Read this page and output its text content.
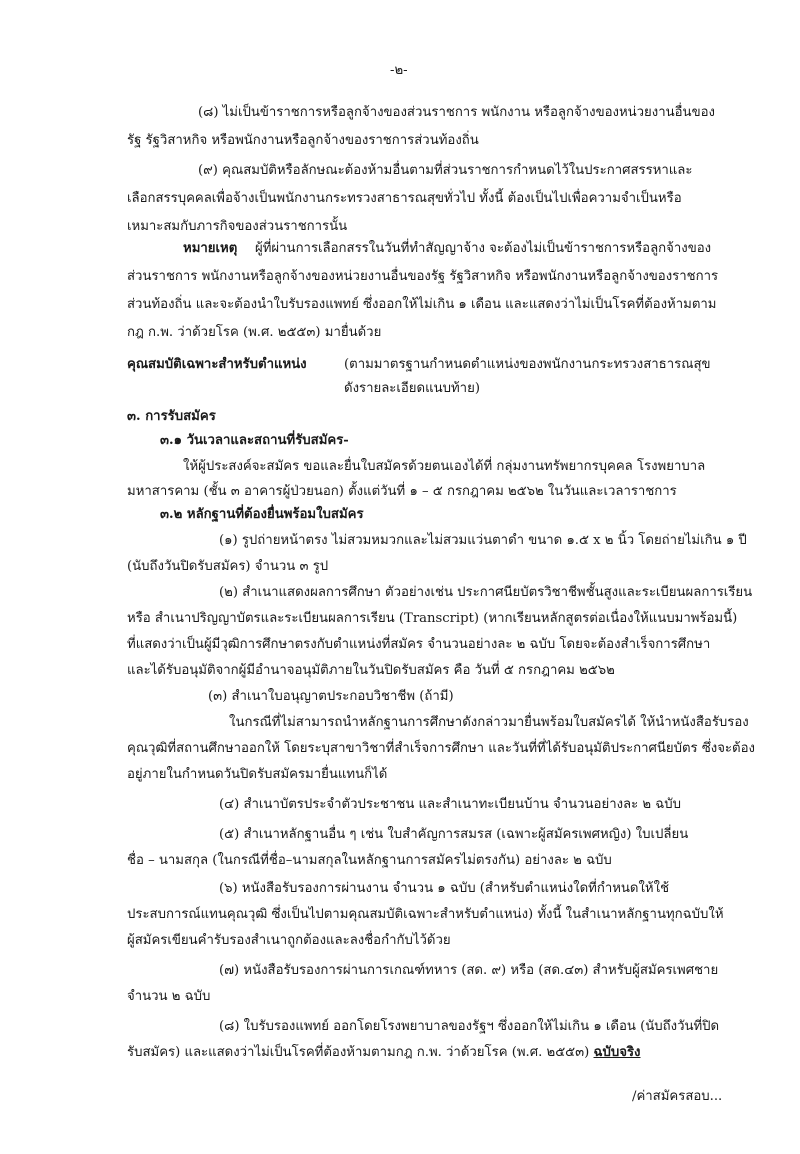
-๒-
(๘) ไม่เป็นข้าราชการหรือลูกจ้างของส่วนราชการ พนักงาน หรือลูกจ้างของหน่วยงานอื่นของ
รัฐ รัฐวิสาหกิจ หรือพนักงานหรือลูกจ้างของราชการส่วนท้องถิ่น
(๙) คุณสมบัติหรือลักษณะต้องห้ามอื่นตามที่ส่วนราชการกำหนดไว้ในประกาศสรรหาและ
เลือกสรรบุคคลเพื่อจ้างเป็นพนักงานกระทรวงสาธารณสุขทั่วไป ทั้งนี้ ต้องเป็นไปเพื่อความจำเป็นหรือ
เหมาะสมกับภารกิจของส่วนราชการนั้น
หมายเหตุ ผู้ที่ผ่านการเลือกสรรในวันที่ทำสัญญาจ้าง จะต้องไม่เป็นข้าราชการหรือลูกจ้างของ
ส่วนราชการ พนักงานหรือลูกจ้างของหน่วยงานอื่นของรัฐ รัฐวิสาหกิจ หรือพนักงานหรือลูกจ้างของราชการ
ส่วนท้องถิ่น และจะต้องนำใบรับรองแพทย์ ซึ่งออกให้ไม่เกิน ๑ เดือน และแสดงว่าไม่เป็นโรคที่ต้องห้ามตาม
กฎ ก.พ. ว่าด้วยโรค (พ.ศ. ๒๕๕๓) มายื่นด้วย
คุณสมบัติเฉพาะสำหรับตำแหน่ง	(ตามมาตรฐานกำหนดตำแหน่งของพนักงานกระทรวงสาธารณสุข
ดังรายละเอียดแนบท้าย)
๓. การรับสมัคร
๓.๑ วันเวลาและสถานที่รับสมัคร-
ให้ผู้ประสงค์จะสมัคร ขอและยื่นใบสมัครด้วยตนเองได้ที่ กลุ่มงานทรัพยากรบุคคล โรงพยาบาล
มหาสารคาม (ชั้น ๓ อาคารผู้ป่วยนอก) ตั้งแต่วันที่ ๑ – ๕ กรกฎาคม ๒๕๖๒ ในวันและเวลาราชการ
๓.๒ หลักฐานที่ต้องยื่นพร้อมใบสมัคร
(๑) รูปถ่ายหน้าตรง ไม่สวมหมวกและไม่สวมแว่นตาดำ ขนาด ๑.๕ x ๒ นิ้ว โดยถ่ายไม่เกิน ๑ ปี
(นับถึงวันปิดรับสมัคร) จำนวน ๓ รูป
(๒) สำเนาแสดงผลการศึกษา ตัวอย่างเช่น ประกาศนียบัตรวิชาชีพชั้นสูงและระเบียนผลการเรียน
หรือ สำเนาปริญญาบัตรและระเบียนผลการเรียน (Transcript) (หากเรียนหลักสูตรต่อเนื่องให้แนบมาพร้อมนี้)
ที่แสดงว่าเป็นผู้มีวุฒิการศึกษาตรงกับตำแหน่งที่สมัคร จำนวนอย่างละ ๒ ฉบับ โดยจะต้องสำเร็จการศึกษา
และได้รับอนุมัติจากผู้มีอำนาจอนุมัติภายในวันปิดรับสมัคร คือ วันที่ ๕ กรกฎาคม ๒๕๖๒
(๓) สำเนาใบอนุญาตประกอบวิชาชีพ (ถ้ามี)
ในกรณีที่ไม่สามารถนำหลักฐานการศึกษาดังกล่าวมายื่นพร้อมใบสมัครได้ ให้นำหนังสือรับรอง
คุณวุฒิที่สถานศึกษาออกให้ โดยระบุสาขาวิชาที่สำเร็จการศึกษา และวันที่ที่ได้รับอนุมัติประกาศนียบัตร ซึ่งจะต้อง
อยู่ภายในกำหนดวันปิดรับสมัครมายื่นแทนก็ได้
(๔) สำเนาบัตรประจำตัวประชาชน และสำเนาทะเบียนบ้าน จำนวนอย่างละ ๒ ฉบับ
(๕) สำเนาหลักฐานอื่น ๆ เช่น ใบสำคัญการสมรส (เฉพาะผู้สมัครเพศหญิง) ใบเปลี่ยน
ชื่อ – นามสกุล (ในกรณีที่ชื่อ–นามสกุลในหลักฐานการสมัครไม่ตรงกัน) อย่างละ ๒ ฉบับ
(๖) หนังสือรับรองการผ่านงาน จำนวน ๑ ฉบับ (สำหรับตำแหน่งใดที่กำหนดให้ใช้
ประสบการณ์แทนคุณวุฒิ ซึ่งเป็นไปตามคุณสมบัติเฉพาะสำหรับตำแหน่ง) ทั้งนี้ ในสำเนาหลักฐานทุกฉบับให้
ผู้สมัครเขียนคำรับรองสำเนาถูกต้องและลงชื่อกำกับไว้ด้วย
(๗) หนังสือรับรองการผ่านการเกณฑ์ทหาร (สด. ๙) หรือ (สด.๔๓) สำหรับผู้สมัครเพศชาย
จำนวน ๒ ฉบับ
(๘) ใบรับรองแพทย์ ออกโดยโรงพยาบาลของรัฐฯ ซึ่งออกให้ไม่เกิน ๑ เดือน (นับถึงวันที่ปิด
รับสมัคร) และแสดงว่าไม่เป็นโรคที่ต้องห้ามตามกฎ ก.พ. ว่าด้วยโรค (พ.ศ. ๒๕๕๓) ฉบับจริง
/ค่าสมัครสอบ...
